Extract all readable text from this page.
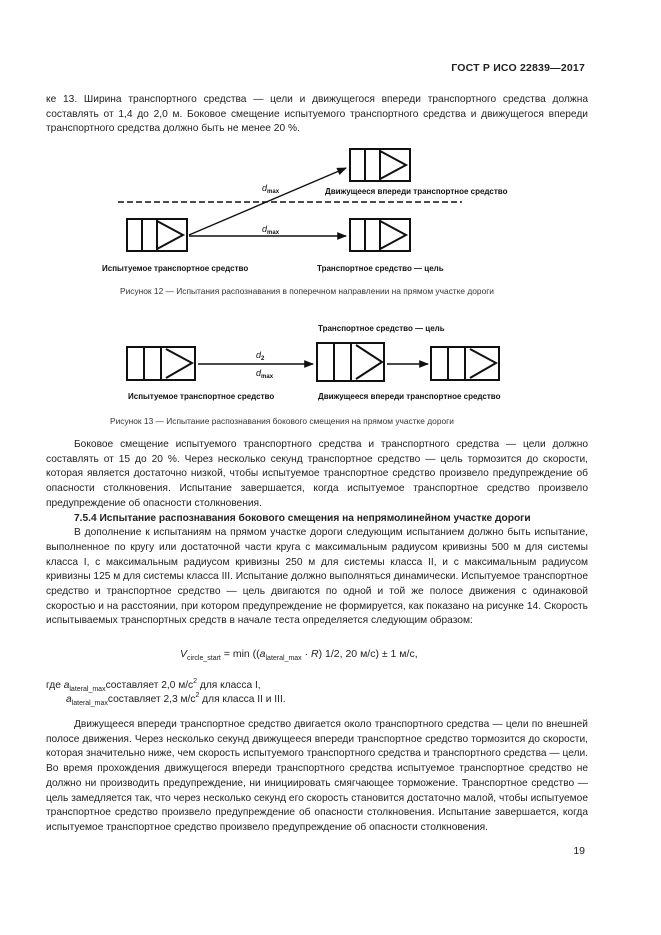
ГОСТ Р ИСО 22839—2017

ке 13. Ширина транспортного средства — цели и движущегося впереди транспортного средства должна составлять от 1,4 до 2,0 м. Боковое смещение испытуемого транспортного средства и движущегося впереди транспортного средства должно быть не менее 20 %.

$d_{max}$
$d_{max}$
Движущееся впереди транспортное средство
Испытуемое транспортное средство	Транспортное средство — цель
Рисунок 12 — Испытания распознавания в поперечном направлении на прямом участке дороги
Транспортное средство — цель
$d_2$
$d_{max}$
Испытуемое транспортное средство	Движущееся впереди транспортное средство
Рисунок 13 — Испытание распознавания бокового смещения на прямом участке дороги

Боковое смещение испытуемого транспортного средства и транспортного средства — цели должно составлять от 15 до 20 %. Через несколько секунд транспортное средство — цель тормозится до скорости, которая является достаточно низкой, чтобы испытуемое транспортное средство произвело предупреждение об опасности столкновения. Испытание завершается, когда испытуемое транспортное средство произвело предупреждение об опасности столкновения.

7.5.4 Испытание распознавания бокового смещения на непрямолинейном участке дороги

В дополнение к испытаниям на прямом участке дороги следующим испытанием должно быть испытание, выполненное по кругу или достаточной части круга с максимальным радиусом кривизны 500 м для системы класса I, с максимальным радиусом кривизны 250 м для системы класса II, и с максимальным радиусом кривизны 125 м для системы класса III. Испытание должно выполняться динамически. Испытуемое транспортное средство и транспортное средство — цель двигаются по одной и той же полосе движения с одинаковой скоростью и на расстоянии, при котором предупреждение не формируется, как показано на рисунке 14. Скорость испытываемых транспортных средств в начале теста определяется следующим образом:

$V_{circle\_start} = \min ((a_{lateral\_max} \cdot R)$ 1/2, 20 м/с) ± 1 м/с,
где $a_{lateral\_max}составляет$ 2,0 $м/с^2$ для класса I,
$a_{lateral\_max}составляет$ 2,3 $м/с^2$ для класса II и III.

Движущееся впереди транспортное средство двигается около транспортного средства — цели по внешней полосе движения. Через несколько секунд движущееся впереди транспортное средство тормозится до скорости, которая значительно ниже, чем скорость испытуемого транспортного средства и транспортного средства — цели. Во время прохождения движущегося впереди транспортного средства испытуемое транспортное средство не должно ни производить предупреждение, ни инициировать смягчающее торможение. Транспортное средство — цель замедляется так, что через несколько секунд его скорость становится достаточно малой, чтобы испытуемое транспортное средство произвело предупреждение об опасности столкновения. Испытание завершается, когда испытуемое транспортное средство произвело предупреждение об опасности столкновения.

19
